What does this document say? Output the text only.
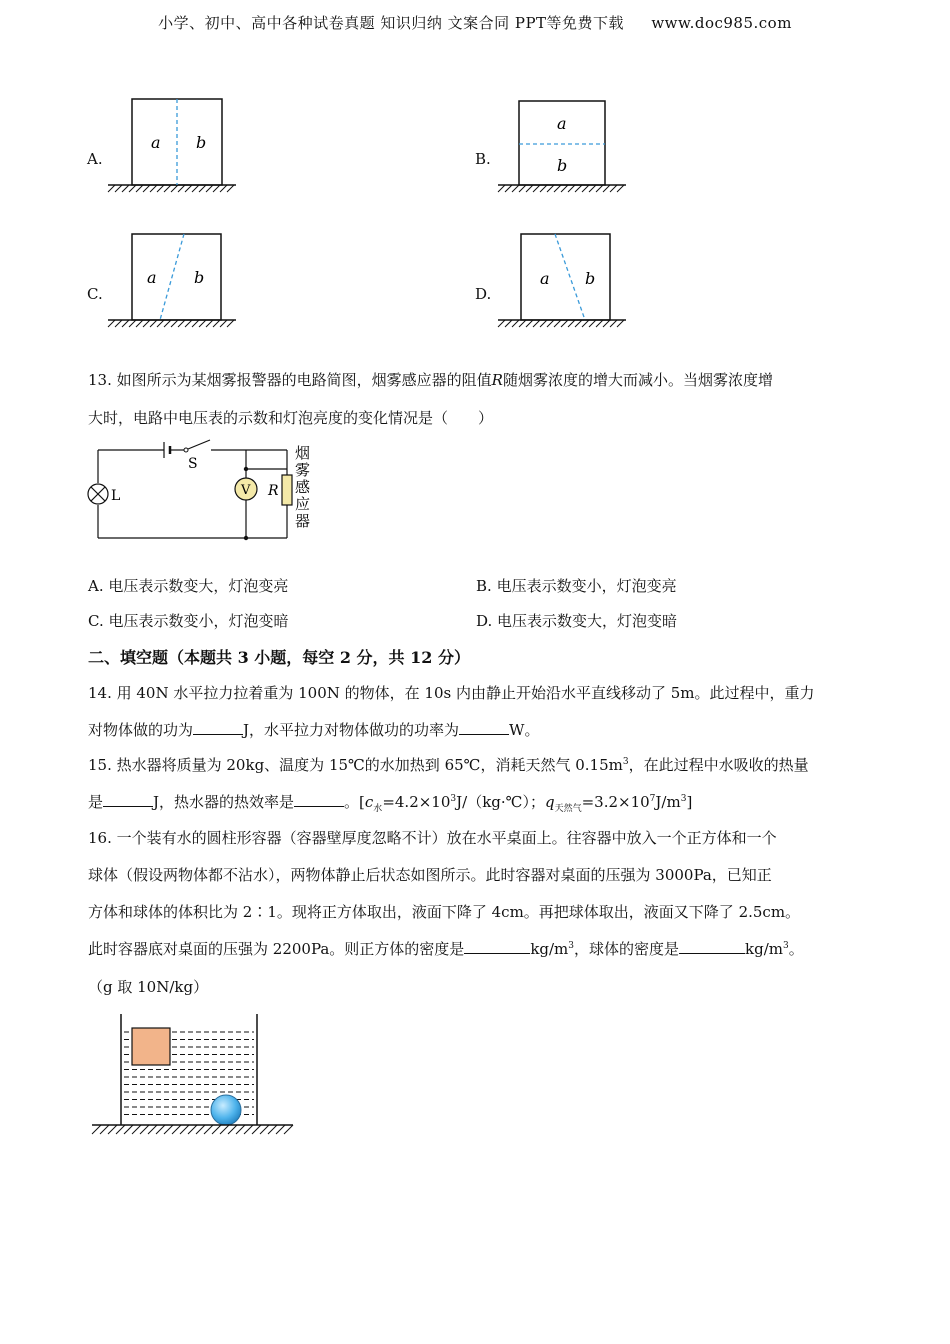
小学、初中、高中各种试卷真题 知识归纳 文案合同 PPT等免费下载 www.doc985.com
A.
a b
B.
a
b
C.
a b
D.
a b
13. 如图所示为某烟雾报警器的电路简图，烟雾感应器的阻值R随烟雾浓度的增大而减小。当烟雾浓度增
大时，电路中电压表的示数和灯泡亮度的变化情况是（　　）
S
L	V R
烟
雾
感
应
器
A. 电压表示数变大，灯泡变亮	B. 电压表示数变小，灯泡变亮
C. 电压表示数变小，灯泡变暗	D. 电压表示数变大，灯泡变暗
二、填空题（本题共 3 小题，每空 2 分，共 12 分）
14. 用 40N 水平拉力拉着重为 100N 的物体，在 10s 内由静止开始沿水平直线移动了 5m。此过程中，重力
对物体做的功为	J，水平拉力对物体做功的功率为	W。
15. 热水器将质量为 20kg、温度为 15℃的水加热到 65℃，消耗天然气 $0.15m^3$，在此过程中水吸收的热量
是	J，热水器的热效率是	。[$c_水=4.2\times 10^3J/(kg\cdot℃)$；$q_{天然气}=3.2\times 10^7J/m^3$]
16. 一个装有水的圆柱形容器（容器壁厚度忽略不计）放在水平桌面上。往容器中放入一个正方体和一个
球体（假设两物体都不沾水），两物体静止后状态如图所示。此时容器对桌面的压强为 3000Pa，已知正
方体和球体的体积比为 2∶1。现将正方体取出，液面下降了 4cm。再把球体取出，液面又下降了 2.5cm。
此时容器底对桌面的压强为 2200Pa。则正方体的密度是	$kg/m^3$，球体的密度是	$kg/m^3$。
（g 取 10N/kg）
